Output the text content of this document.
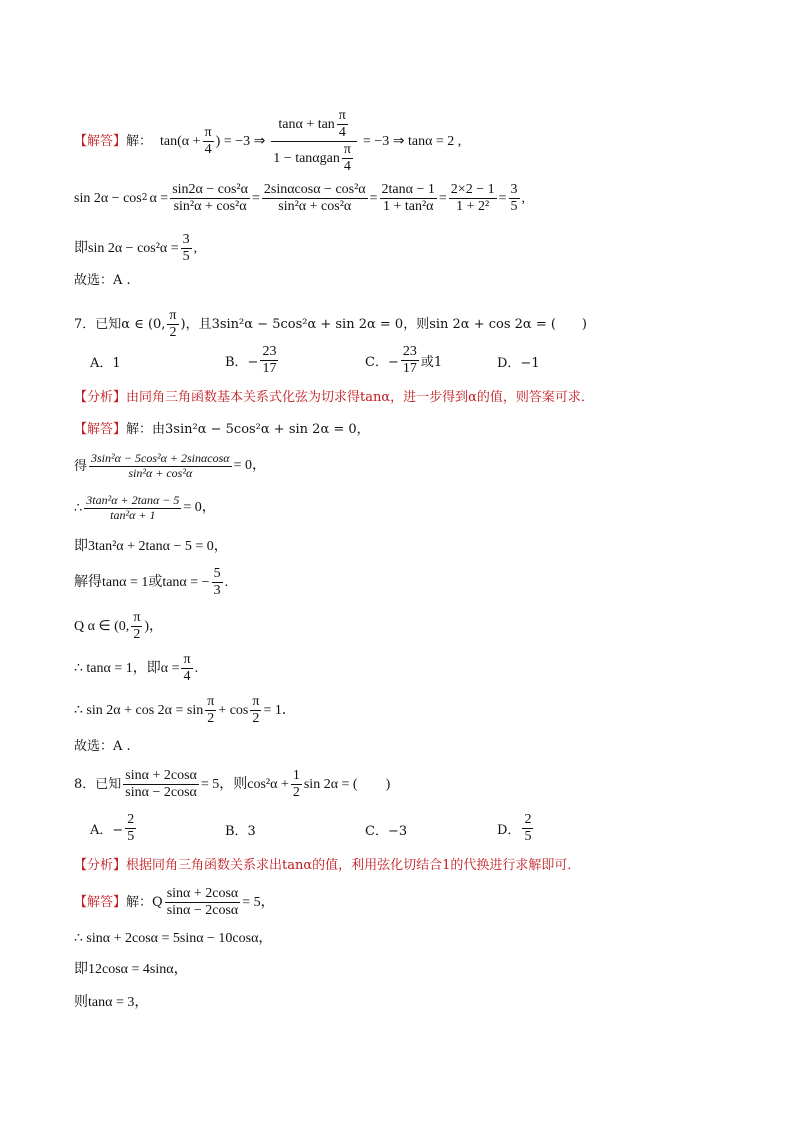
【解答】 解： $\tan(\alpha + \frac{\pi}{4}$ ) = −3 ⇒ $\frac{\tan\alpha + \tan \frac{\pi}{4}}{1 - \tan\alpha gan \frac{\pi}{4}} = -3$ ⇒ tanα = 2 ,
sin 2α − cos 2 $\alpha = \frac{\text{sin2α − cos²α}}{\text{sin²α + cos²α}} = \frac{\text{2sinαcosα − cos²α}}{\text{sin²α + cos²α}} = \frac{2\tan\alpha - 1}{\text{1 + tan²α}} = \frac{2\times 2 - 1}{\text{1 + 2²}} = \frac{3}{5}$ ,
即$\sin 2\alpha - \cos^2\alpha = \frac{3}{5}$ ,
故选：A .
7．已知α ∈ (0, $\frac{\pi}{2}$ )，且3sin²α − 5cos²α + sin 2α = 0，则sin 2α + cos 2α = (　　)
A．1	B．− $\frac{23}{17}$	C．− $\frac{23}{17}$ 或1	D．−1
【分析】由同角三角函数基本关系式化弦为切求得tanα，进一步得到α的值，则答案可求．
【解答】解：由3sin²α − 5cos²α + sin 2α = 0，
得 $\frac{\text{3sin²α − 5cos²α + 2sinαcosα}}{\text{sin²α + cos²α}} = 0$，
∴ $\frac{\text{3tan²α + 2tanα − 5}}{\text{tan²α + 1}} = 0$，
即3tan²α + 2tanα − 5 = 0，
解得tanα = 1或tanα = − $\frac{5}{3}$ .
Q α ∈ (0, $\frac{\pi}{2}$ )，
∴ tanα = 1，即$\alpha = \frac{\pi}{4}$ .
∴ $\sin 2\alpha + \cos 2\alpha = \sin \frac{\pi}{2} + \cos \frac{\pi}{2} = 1$．
故选：A .
8．已知 $\frac{\sin\alpha + 2\cos\alpha}{\sin\alpha - 2\cos\alpha} = 5$，则$\cos^2\alpha + \frac{1}{2}$ sin 2α = (　　)
A．− $\frac{2}{5}$	B．3	C．−3	D． $\frac{2}{5}$
【分析】根据同角三角函数关系求出tanα的值，利用弦化切结合1的代换进行求解即可．
【解答】 解：Q $\frac{\sin\alpha + 2\cos\alpha}{\sin\alpha - 2\cos\alpha} = 5$，
∴ sinα + 2cosα = 5sinα − 10cosα，
即12cosα = 4sinα，
则tanα = 3，
